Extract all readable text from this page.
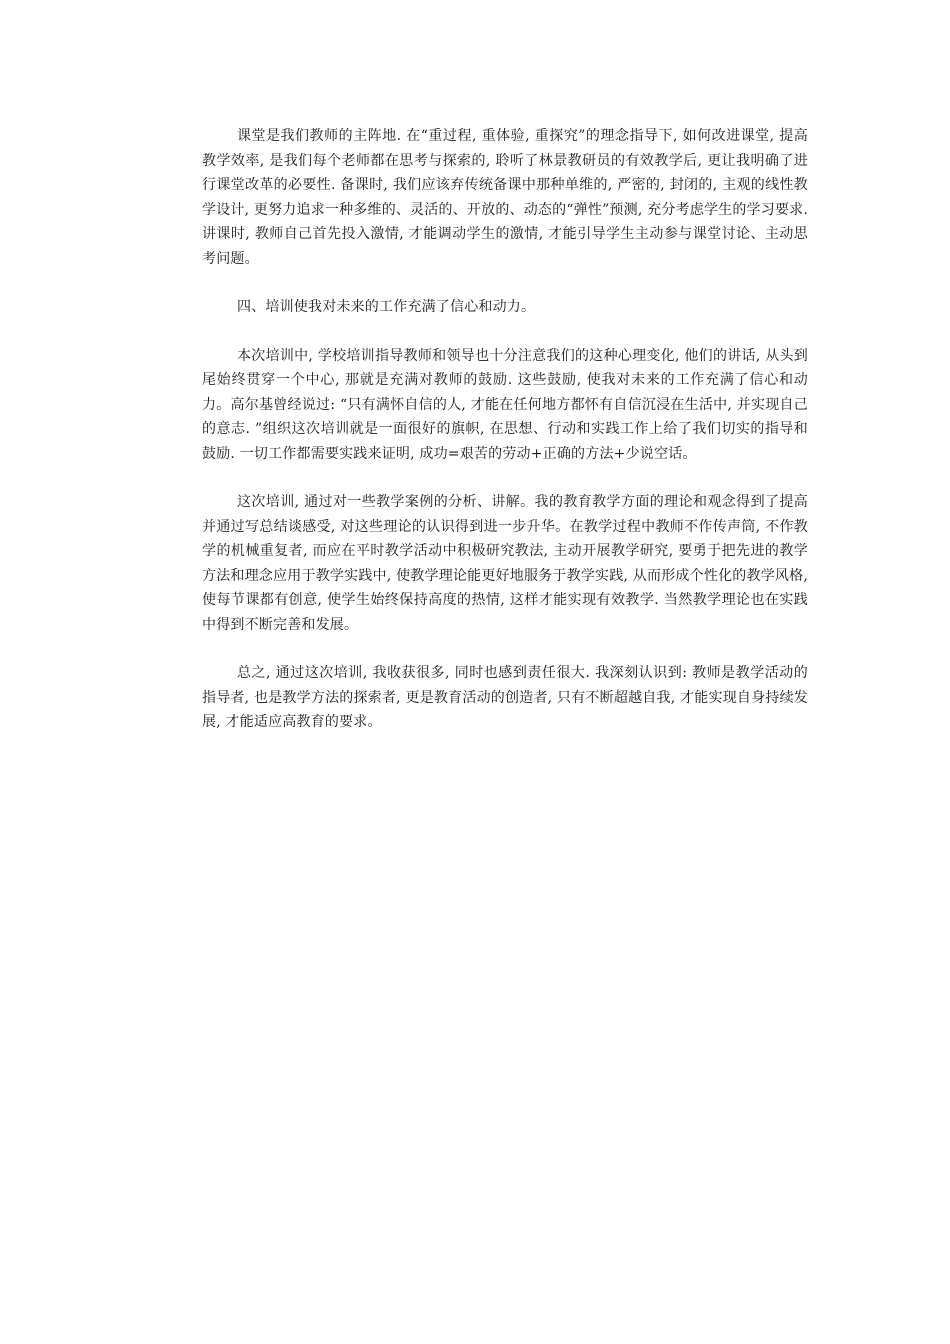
课堂是我们教师的主阵地. 在“重过程, 重体验, 重探究”的理念指导下, 如何改进课堂, 提高教学效率, 是我们每个老师都在思考与探索的, 聆听了林景教研员的有效教学后, 更让我明确了进行课堂改革的必要性. 备课时, 我们应该弃传统备课中那种单维的, 严密的, 封闭的, 主观的线性教学设计, 更努力追求一种多维的、灵活的、开放的、动态的“弹性”预测, 充分考虑学生的学习要求. 讲课时, 教师自己首先投入激情, 才能调动学生的激情, 才能引导学生主动参与课堂讨论、主动思考问题。

四、培训使我对未来的工作充满了信心和动力。

本次培训中, 学校培训指导教师和领导也十分注意我们的这种心理变化, 他们的讲话, 从头到尾始终贯穿一个中心, 那就是充满对教师的鼓励. 这些鼓励, 使我对未来的工作充满了信心和动力。高尔基曾经说过: “只有满怀自信的人, 才能在任何地方都怀有自信沉浸在生活中, 并实现自己的意志. ”组织这次培训就是一面很好的旗帜, 在思想、行动和实践工作上给了我们切实的指导和鼓励. 一切工作都需要实践来证明, 成功=艰苦的劳动+正确的方法+少说空话。

这次培训, 通过对一些教学案例的分析、讲解。我的教育教学方面的理论和观念得到了提高并通过写总结谈感受, 对这些理论的认识得到进一步升华。在教学过程中教师不作传声筒, 不作教学的机械重复者, 而应在平时教学活动中积极研究教法, 主动开展教学研究, 要勇于把先进的教学方法和理念应用于教学实践中, 使教学理论能更好地服务于教学实践, 从而形成个性化的教学风格, 使每节课都有创意, 使学生始终保持高度的热情, 这样才能实现有效教学. 当然教学理论也在实践中得到不断完善和发展。

总之, 通过这次培训, 我收获很多, 同时也感到责任很大. 我深刻认识到: 教师是教学活动的指导者, 也是教学方法的探索者, 更是教育活动的创造者, 只有不断超越自我, 才能实现自身持续发展, 才能适应高教育的要求。
